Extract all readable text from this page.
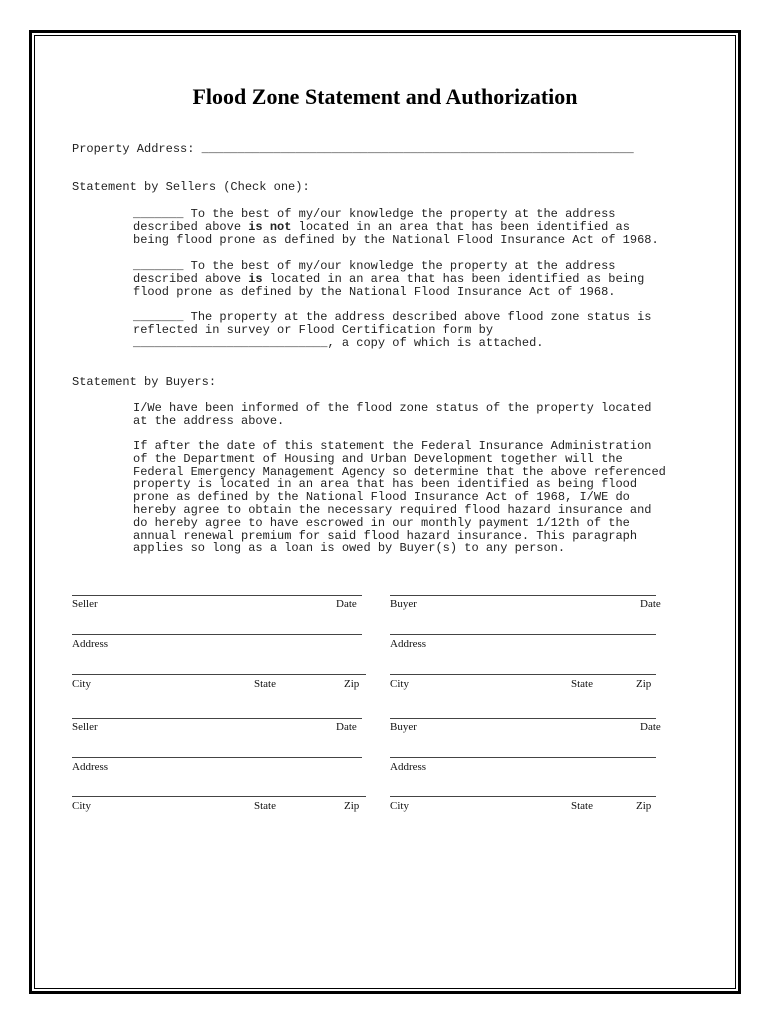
Flood Zone Statement and Authorization
Property Address: ____________________________________________________________
Statement by Sellers (Check one):
_______ To the best of my/our knowledge the property at the address
described above is not located in an area that has been identified as
being flood prone as defined by the National Flood Insurance Act of 1968.
_______ To the best of my/our knowledge the property at the address
described above is located in an area that has been identified as being
flood prone as defined by the National Flood Insurance Act of 1968.
_______ The property at the address described above flood zone status is
reflected in survey or Flood Certification form by
___________________________, a copy of which is attached.
Statement by Buyers:
I/We have been informed of the flood zone status of the property located
at the address above.
If after the date of this statement the Federal Insurance Administration
of the Department of Housing and Urban Development together will the
Federal Emergency Management Agency so determine that the above referenced
property is located in an area that has been identified as being flood
prone as defined by the National Flood Insurance Act of 1968, I/WE do
hereby agree to obtain the necessary required flood hazard insurance and
do hereby agree to have escrowed in our monthly payment 1/12th of the
annual renewal premium for said flood hazard insurance. This paragraph
applies so long as a loan is owed by Buyer(s) to any person.
Seller	Date
Address
City	State	Zip
Seller	Date
Address
City	State	Zip
Buyer	Date
Address
City	State	Zip
Buyer	Date
Address
City	State	Zip
